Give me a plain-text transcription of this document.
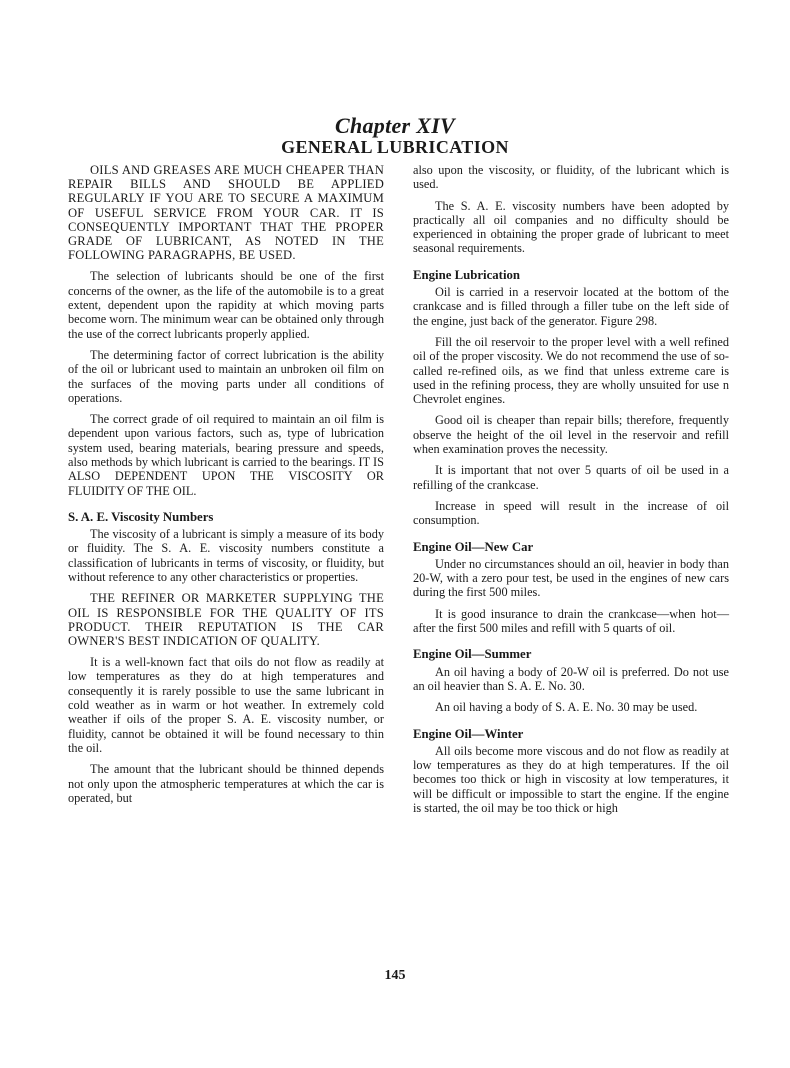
Chapter XIV
GENERAL LUBRICATION

OILS AND GREASES ARE MUCH CHEAPER THAN REPAIR BILLS AND SHOULD BE APPLIED REGULARLY IF YOU ARE TO SECURE A MAXIMUM OF USEFUL SERVICE FROM YOUR CAR. IT IS CONSEQUENTLY IMPORTANT THAT THE PROPER GRADE OF LUBRICANT, AS NOTED IN THE FOLLOWING PARAGRAPHS, BE USED.

The selection of lubricants should be one of the first concerns of the owner, as the life of the automobile is to a great extent, dependent upon the rapidity at which moving parts become worn. The minimum wear can be obtained only through the use of the correct lubricants properly applied.

The determining factor of correct lubrication is the ability of the oil or lubricant used to maintain an unbroken oil film on the surfaces of the moving parts under all conditions of operations.

The correct grade of oil required to maintain an oil film is dependent upon various factors, such as, type of lubrication system used, bearing materials, bearing pressure and speeds, also methods by which lubricant is carried to the bearings. IT IS ALSO DEPENDENT UPON THE VISCOSITY OR FLUIDITY OF THE OIL.

S. A. E. Viscosity Numbers

The viscosity of a lubricant is simply a measure of its body or fluidity. The S. A. E. viscosity numbers constitute a classification of lubricants in terms of viscosity, or fluidity, but without reference to any other characteristics or properties.

THE REFINER OR MARKETER SUPPLYING THE OIL IS RESPONSIBLE FOR THE QUALITY OF ITS PRODUCT. THEIR REPUTATION IS THE CAR OWNER'S BEST INDICATION OF QUALITY.

It is a well-known fact that oils do not flow as readily at low temperatures as they do at high temperatures and consequently it is rarely possible to use the same lubricant in cold weather as in warm or hot weather. In extremely cold weather if oils of the proper S. A. E. viscosity number, or fluidity, cannot be obtained it will be found necessary to thin the oil.

The amount that the lubricant should be thinned depends not only upon the atmospheric temperatures at which the car is operated, but

also upon the viscosity, or fluidity, of the lubricant which is used.

The S. A. E. viscosity numbers have been adopted by practically all oil companies and no difficulty should be experienced in obtaining the proper grade of lubricant to meet seasonal requirements.

Engine Lubrication

Oil is carried in a reservoir located at the bottom of the crankcase and is filled through a filler tube on the left side of the engine, just back of the generator. Figure 298.

Fill the oil reservoir to the proper level with a well refined oil of the proper viscosity. We do not recommend the use of so-called re-refined oils, as we find that unless extreme care is used in the refining process, they are wholly unsuited for use n Chevrolet engines.

Good oil is cheaper than repair bills; therefore, frequently observe the height of the oil level in the reservoir and refill when examination proves the necessity.

It is important that not over 5 quarts of oil be used in a refilling of the crankcase.

Increase in speed will result in the increase of oil consumption.

Engine Oil—New Car

Under no circumstances should an oil, heavier in body than 20-W, with a zero pour test, be used in the engines of new cars during the first 500 miles.

It is good insurance to drain the crankcase—when hot—after the first 500 miles and refill with 5 quarts of oil.

Engine Oil—Summer

An oil having a body of 20-W oil is preferred. Do not use an oil heavier than S. A. E. No. 30.

An oil having a body of S. A. E. No. 30 may be used.

Engine Oil—Winter

All oils become more viscous and do not flow as readily at low temperatures as they do at high temperatures. If the oil becomes too thick or high in viscosity at low temperatures, it will be difficult or impossible to start the engine. If the engine is started, the oil may be too thick or high

145
